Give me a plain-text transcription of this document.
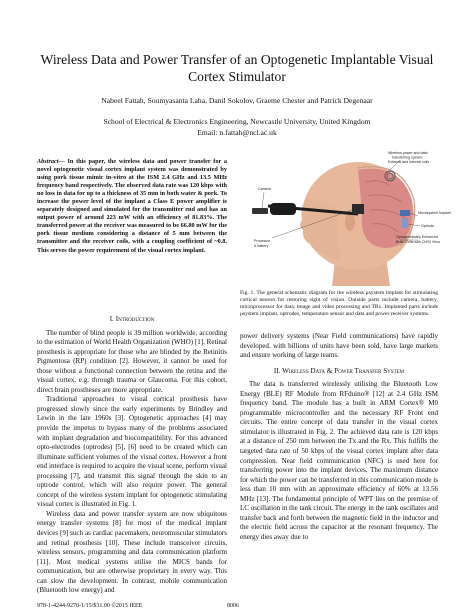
Wireless Data and Power Transfer of an Optogenetic Implantable Visual
Cortex Stimulator
Nabeel Fattah, Soumyasanta Laha, Danil Sokolov, Graeme Chester and Patrick Degenaar
School of Electrical & Electronics Engineering, Newcastle University, United Kingdom
Email: n.fattah@ncl.ac.uk
Abstract— In this paper, the wireless data and power transfer for a novel optogenetic visual cortex implant system was demonstrated by using pork tissue mimic in-vitro at the ISM 2.4 GHz and 13.5 MHz frequency band respectively. The observed data rate was 120 kbps with no loss in data for up to a thickness of 35 mm in both water & pork. To increase the power level of the implant a Class E power amplifier is separately designed and simulated for the transmitter end and has an output power of around 223 mW with an efficiency of 81.83%. The transferred power at the receiver was measured to be 66.80 mW for the pork tissue medium considering a distance of 5 mm between the transmitter and the receiver coils, with a coupling coefficient of ~0.8. This serves the power requirement of the visual cortex implant.

I. Introduction

The number of blind people is 39 million worldwide, according to the estimation of World Health Organization (WHO) [1]. Retinal prosthesis is appropriate for those who are blinded by the Retinitis Pigmentosa (RP) condition [2]. However, it cannot be used for those without a functional connection between the retina and the visual cortex, e.g. through trauma or Glaucoma. For this cohort, direct brain prostheses are more appropriate.

Traditional approaches to visual cortical prosthesis have progressed slowly since the early experiments by Brindley and Lewin in the late 1960s [3]. Optogenetic approaches [4] may provide the impetus to bypass many of the problems associated with implant degradation and biocompatibility. For this advanced opto-electrodes (optrodes) [5], [6] need to be created which can illuminate sufficient volumes of the visual cortex. However a front end interface is required to acquire the visual scene, perform visual processing [7], and transmit this signal through the skin to an optrode control, which will also require power. The general concept of the wireless system implant for optogenetic stimulating visual cortex is illustrated in Fig. 1.

Wireless data and power transfer system are now ubiquitous energy transfer systems [8] for most of the medical implant devices [9] such as cardiac pacemakers, neuromuscular stimulators and retinal prosthesis [10]. These include transceiver circuits, wireless sensors, programming and data communication platform [11]. Most medical systems utilise the MICS bands for communication, but are otherwise proprietary in every way. This can slow the development. In contrast, mobile communication (Bluetooth low energy) and

Camera
Processor
& battery
Wireless power and data
transferring system
External and internal coils
Microsystem implant
Optrode
Optogenetically Enhanced
Brain Cells with ChR2 Virus
Fig. 1. The general schematic diagram for the wireless μsystem implant for stimulating cortical neuron for restoring sight of vision. Outside parts include camera, battery, microprocessor for data, image and video processing and TRx. Implanted parts include μsystem implant, optrodes, temperature sensor and data and power receiver systems.

power delivery systems (Near Field communications) have rapidly developed. with billions of units have been sold, have large markets and ensure working of large teams.

II. Wireless Data & Power Transfer System

The data is transferred wirelessly utilising the Bluetooth Low Energy (BLE) RF Module from RFduino® [12] at 2.4 GHz ISM frequency band. The module has a built in ARM Cortex® M0 programmable microcontroller and the necessary RF Front end circuits. The entire concept of data transfer in the visual cortex stimulator is illustrated in Fig. 2. The achieved data rate is 120 kbps at a distance of 250 mm between the Tx and the Rx. This fulfills the targeted data rate of 50 kbps of the visual cortex implant after data compression. Near field communication (NFC) is used here for transferring power into the implant devices. The maximum distance for which the power can be transferred in this communication mode is less than 10 mm with an approximate efficiency of 60% at 13.56 MHz [13]. The fundamental principle of WPT lies on the premise of LC oscillation in the tank circuit. The energy in the tank oscillates and transfer back and forth between the magnetic field in the inductor and the electric field across the capacitor at the resonant frequency. The energy dies away due to

978-1-4244-9270-1/15/$31.00 ©2015 IEEE	8006
